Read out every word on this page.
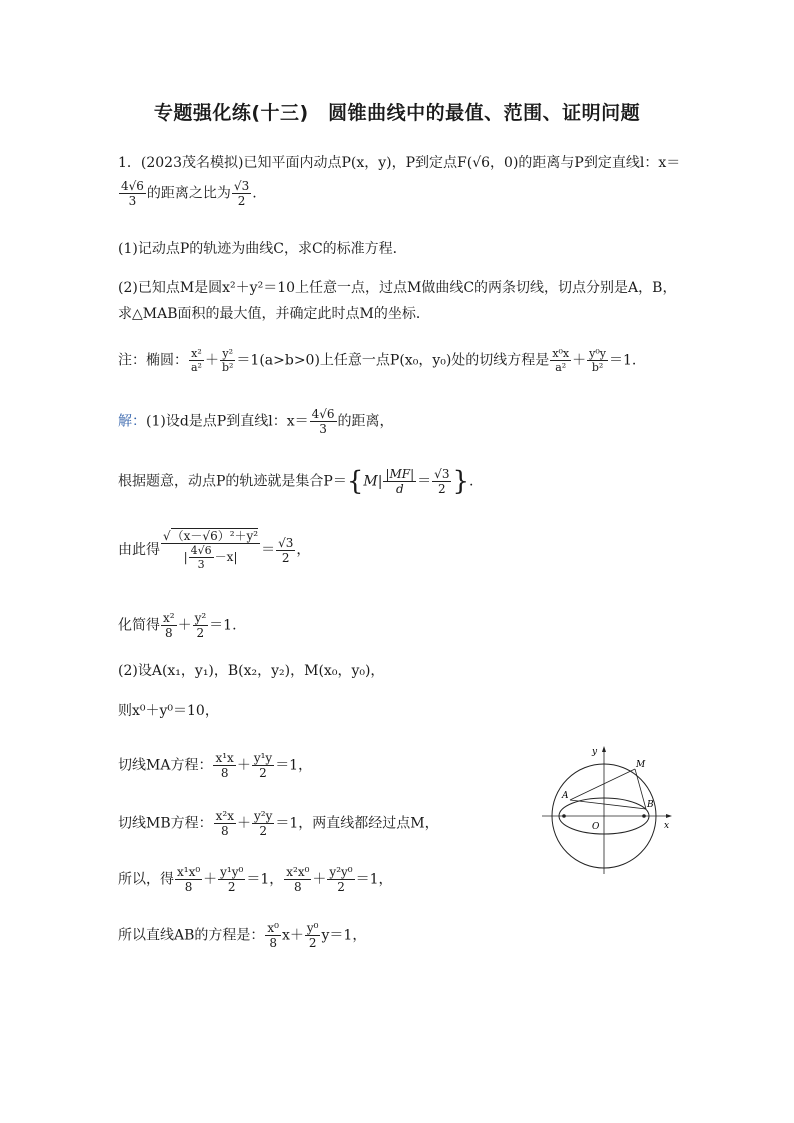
专题强化练(十三)　圆锥曲线中的最值、范围、证明问题
1．(2023茂名模拟)已知平面内动点P(x，y)，P到定点F(√6，0)的距离与P到定直线l：x＝
$\frac{4√6}{3}$ 的距离之比为 $\frac{√3}{2}$ .
(1)记动点P的轨迹为曲线C，求C的标准方程．
(2)已知点M是圆x²＋y²＝10上任意一点，过点M做曲线C的两条切线，切点分别是A，B，
求△MAB面积的最大值，并确定此时点M的坐标．
注：椭圆： $\frac{\text{x²}}{\text{a²}} + \frac{\text{y²}}{\text{b²}} =1(a>b>0)$上任意一点P(x₀，y₀)处的切线方程是 $\frac{\text{x⁰x}}{\text{a²}} + \frac{\text{y⁰y}}{\text{b²}} =1$.
解：(1)设d是点P到直线l：$x= \frac{4√6}{3}$ 的距离，
根据题意，动点P的轨迹就是集合$P=\{M| \frac{|MF|}{d} = \frac{√3}{2}$ }.
由此得 $\frac{\text{√（x－√6）²＋y²}}{| \frac{4√6}{3} -x|} = \frac{√3}{2}$ ，
化简得 $\frac{\text{x²}}{8} + \frac{\text{y²}}{2} =1$.
(2)设A(x₁，y₁)，B(x₂，y₂)，M(x₀，y₀)，
则x⁰＋y⁰＝10，
切线MA方程： $\frac{\text{x¹x}}{8} + \frac{\text{y¹y}}{2} =1$，
切线MB方程： $\frac{\text{x²x}}{8} + \frac{\text{y²y}}{2} =1$，两直线都经过点M，
所以，得 $\frac{\text{x¹x⁰}}{8} + \frac{\text{y¹y⁰}}{2} =1$， $\frac{\text{x²x⁰}}{8} + \frac{\text{y²y⁰}}{2} =1$，
所以直线AB的方程是： $\frac{\text{x⁰}}{8} x+ \frac{\text{y⁰}}{2} y=1$，
y
x
O
A
B
M
